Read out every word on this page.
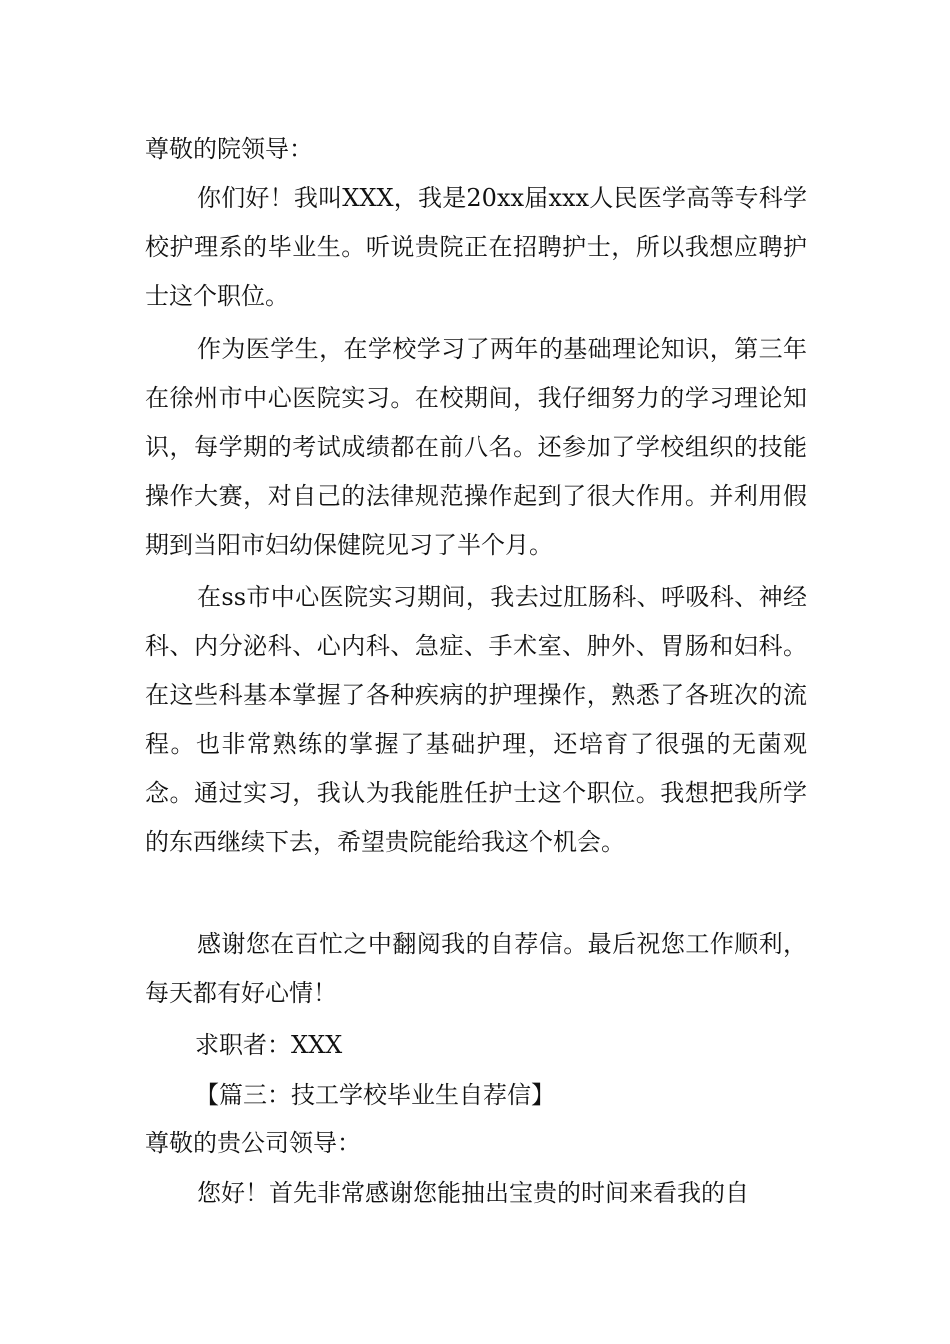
尊敬的院领导：

你们好！我叫XXX，我是20xx届xxx人民医学高等专科学校护理系的毕业生。听说贵院正在招聘护士，所以我想应聘护士这个职位。

作为医学生，在学校学习了两年的基础理论知识，第三年在徐州市中心医院实习。在校期间，我仔细努力的学习理论知识，每学期的考试成绩都在前八名。还参加了学校组织的技能操作大赛，对自己的法律规范操作起到了很大作用。并利用假期到当阳市妇幼保健院见习了半个月。

在ss市中心医院实习期间，我去过肛肠科、呼吸科、神经科、内分泌科、心内科、急症、手术室、肿外、胃肠和妇科。在这些科基本掌握了各种疾病的护理操作，熟悉了各班次的流程。也非常熟练的掌握了基础护理，还培育了很强的无菌观念。通过实习，我认为我能胜任护士这个职位。我想把我所学的东西继续下去，希望贵院能给我这个机会。

感谢您在百忙之中翻阅我的自荐信。最后祝您工作顺利，每天都有好心情！

求职者：XXX

【篇三：技工学校毕业生自荐信】

尊敬的贵公司领导：

您好！首先非常感谢您能抽出宝贵的时间来看我的自
